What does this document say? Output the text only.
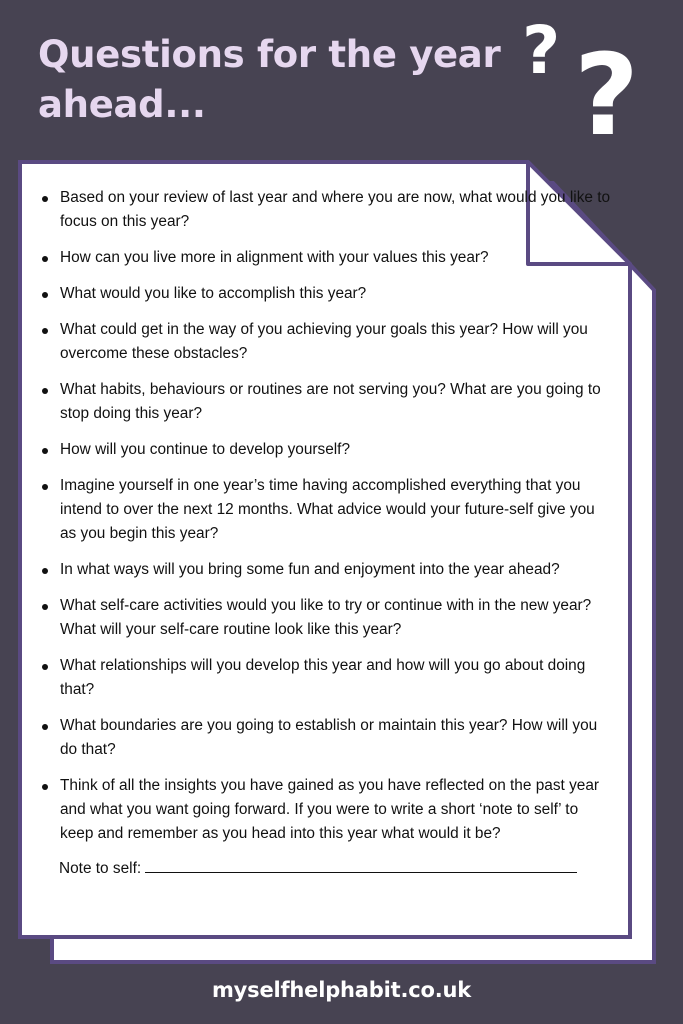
Questions for the year ahead...
? ?
Based on your review of last year and where you are now, what would you like to focus on this year?
How can you live more in alignment with your values this year?
What would you like to accomplish this year?
What could get in the way of you achieving your goals this year? How will you overcome these obstacles?
What habits, behaviours or routines are not serving you? What are you going to stop doing this year?
How will you continue to develop yourself?
Imagine yourself in one year’s time having accomplished everything that you intend to over the next 12 months. What advice would your future-self give you as you begin this year?
In what ways will you bring some fun and enjoyment into the year ahead?
What self-care activities would you like to try or continue with in the new year? What will your self-care routine look like this year?
What relationships will you develop this year and how will you go about doing that?
What boundaries are you going to establish or maintain this year? How will you do that?
Think of all the insights you have gained as you have reflected on the past year and what you want going forward. If you were to write a short ‘note to self’ to keep and remember as you head into this year what would it be?
Note to self:
myselfhelphabit.co.uk
